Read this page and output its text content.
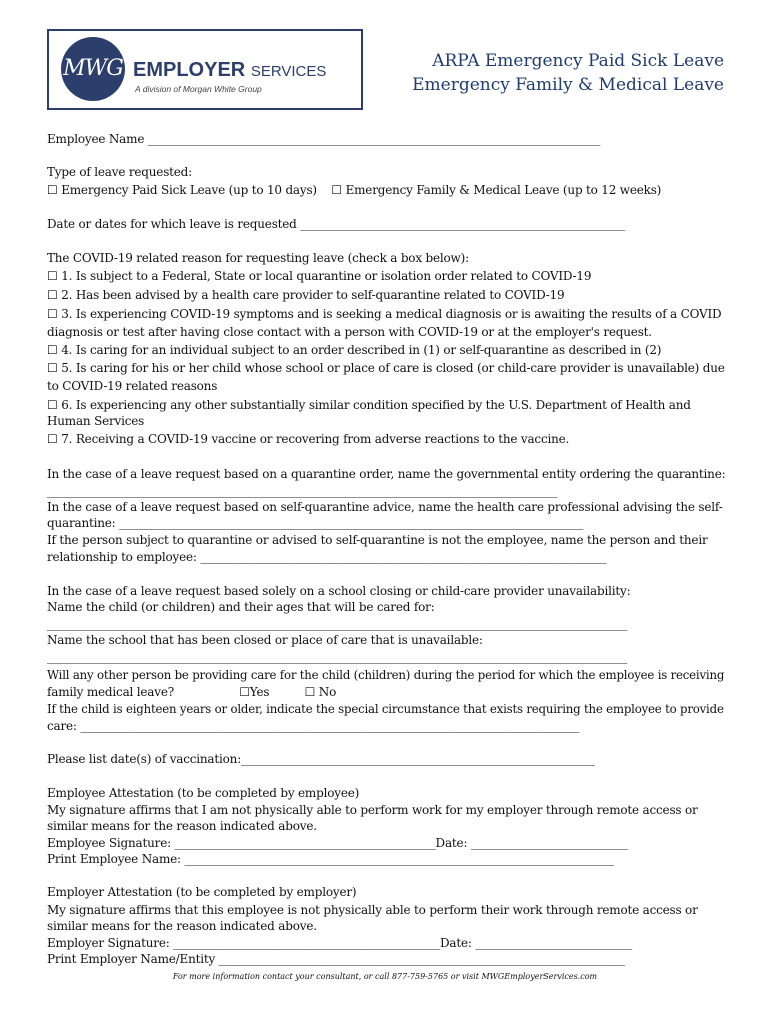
MWG EMPLOYER SERVICES
A division of Morgan White Group
ARPA Emergency Paid Sick Leave
Emergency Family & Medical Leave
Employee Name ______________________________________________________________________________
Type of leave requested:
☐ Emergency Paid Sick Leave (up to 10 days) ☐ Emergency Family & Medical Leave (up to 12 weeks)
Date or dates for which leave is requested ________________________________________________________
The COVID-19 related reason for requesting leave (check a box below):
☐ 1. Is subject to a Federal, State or local quarantine or isolation order related to COVID-19
☐ 2. Has been advised by a health care provider to self-quarantine related to COVID-19
☐ 3. Is experiencing COVID-19 symptoms and is seeking a medical diagnosis or is awaiting the results of a COVID
diagnosis or test after having close contact with a person with COVID-19 or at the employer's request.
☐ 4. Is caring for an individual subject to an order described in (1) or self-quarantine as described in (2)
☐ 5. Is caring for his or her child whose school or place of care is closed (or child-care provider is unavailable) due
to COVID-19 related reasons
☐ 6. Is experiencing any other substantially similar condition specified by the U.S. Department of Health and
Human Services
☐ 7. Receiving a COVID-19 vaccine or recovering from adverse reactions to the vaccine.
In the case of a leave request based on a quarantine order, name the governmental entity ordering the quarantine:
________________________________________________________________________________________
In the case of a leave request based on self-quarantine advice, name the health care professional advising the self-
quarantine: ________________________________________________________________________________
If the person subject to quarantine or advised to self-quarantine is not the employee, name the person and their
relationship to employee: ______________________________________________________________________
In the case of a leave request based solely on a school closing or child-care provider unavailability:
Name the child (or children) and their ages that will be cared for:
____________________________________________________________________________________________________
Name the school that has been closed or place of care that is unavailable:
____________________________________________________________________________________________________
Will any other person be providing care for the child (children) during the period for which the employee is receiving
family medical leave?	☐Yes	☐ No
If the child is eighteen years or older, indicate the special circumstance that exists requiring the employee to provide
care: ______________________________________________________________________________________
Please list date(s) of vaccination:_____________________________________________________________
Employee Attestation (to be completed by employee)
My signature affirms that I am not physically able to perform work for my employer through remote access or
similar means for the reason indicated above.
Employee Signature: _____________________________________________Date: ___________________________
Print Employee Name: __________________________________________________________________________
Employer Attestation (to be completed by employer)
My signature affirms that this employee is not physically able to perform their work through remote access or
similar means for the reason indicated above.
Employer Signature: ______________________________________________Date: ___________________________
Print Employer Name/Entity ______________________________________________________________________
For more information contact your consultant, or call 877-759-5765 or visit MWGEmployerServices.com
